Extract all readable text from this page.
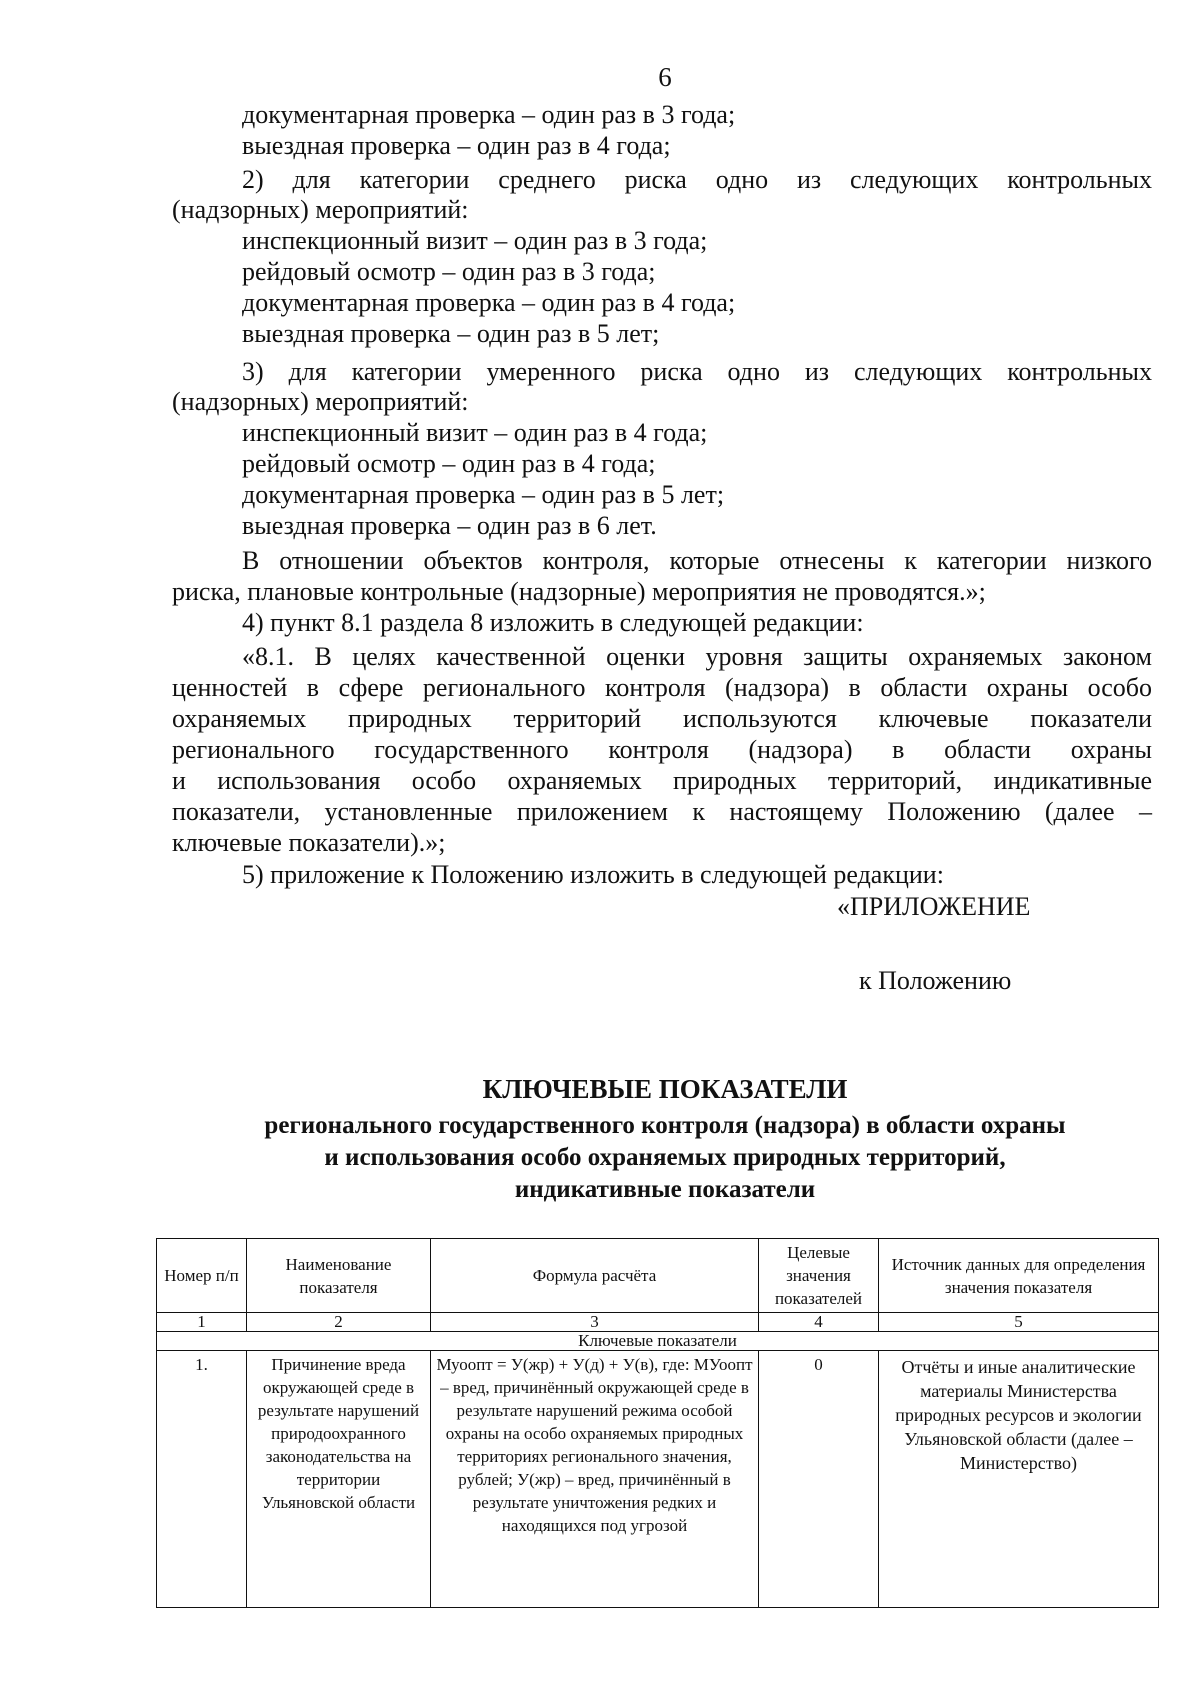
6
документарная проверка – один раз в 3 года;
выездная проверка – один раз в 4 года;
2) для категории среднего риска одно из следующих контрольных
(надзорных) мероприятий:
инспекционный визит – один раз в 3 года;
рейдовый осмотр – один раз в 3 года;
документарная проверка – один раз в 4 года;
выездная проверка – один раз в 5 лет;
3) для категории умеренного риска одно из следующих контрольных
(надзорных) мероприятий:
инспекционный визит – один раз в 4 года;
рейдовый осмотр – один раз в 4 года;
документарная проверка – один раз в 5 лет;
выездная проверка – один раз в 6 лет.
В отношении объектов контроля, которые отнесены к категории низкого
риска, плановые контрольные (надзорные) мероприятия не проводятся.»;
4) пункт 8.1 раздела 8 изложить в следующей редакции:
«8.1. В целях качественной оценки уровня защиты охраняемых законом
ценностей в сфере регионального контроля (надзора) в области охраны особо
охраняемых природных территорий используются ключевые показатели
регионального государственного контроля (надзора) в области охраны
и использования особо охраняемых природных территорий, индикативные
показатели, установленные приложением к настоящему Положению (далее –
ключевые показатели).»;
5) приложение к Положению изложить в следующей редакции:
«ПРИЛОЖЕНИЕ
к Положению
КЛЮЧЕВЫЕ ПОКАЗАТЕЛИ
регионального государственного контроля (надзора) в области охраны
и использования особо охраняемых природных территорий,
индикативные показатели
Номер п/п	Наименование показателя	Формула расчёта	Целевые значения показателей	Источник данных для определения значения показателя
1	2	3	4	5
Ключевые показатели				
1.	Причинение вреда окружающей среде в результате нарушений природоохранного законодательства на территории Ульяновской области	Муоопт = У(жр) + У(д) + У(в), где: МУоопт – вред, причинённый окружающей среде в результате нарушений режима особой охраны на особо охраняемых природных территориях регионального значения, рублей; У(жр) – вред, причинённый в результате уничтожения редких и находящихся под угрозой	0	Отчёты и иные аналитические материалы Министерства природных ресурсов и экологии Ульяновской области (далее – Министерство)
